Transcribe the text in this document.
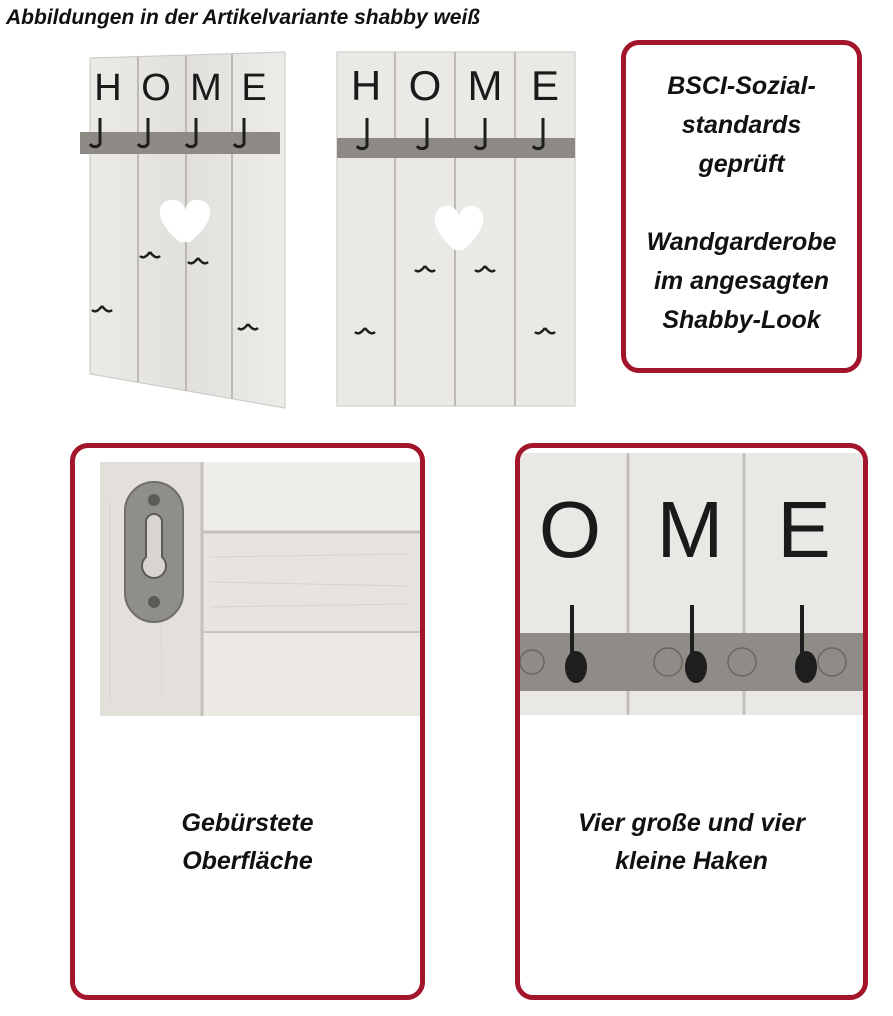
Abbildungen in der Artikelvariante shabby weiß
H O M E H O M E	BSCI-Sozial-
standards
geprüft
Wandgarderobe
im angesagten
Shabby-Look
Gebürstete
Oberfläche
O M E
Vier große und vier
kleine Haken
